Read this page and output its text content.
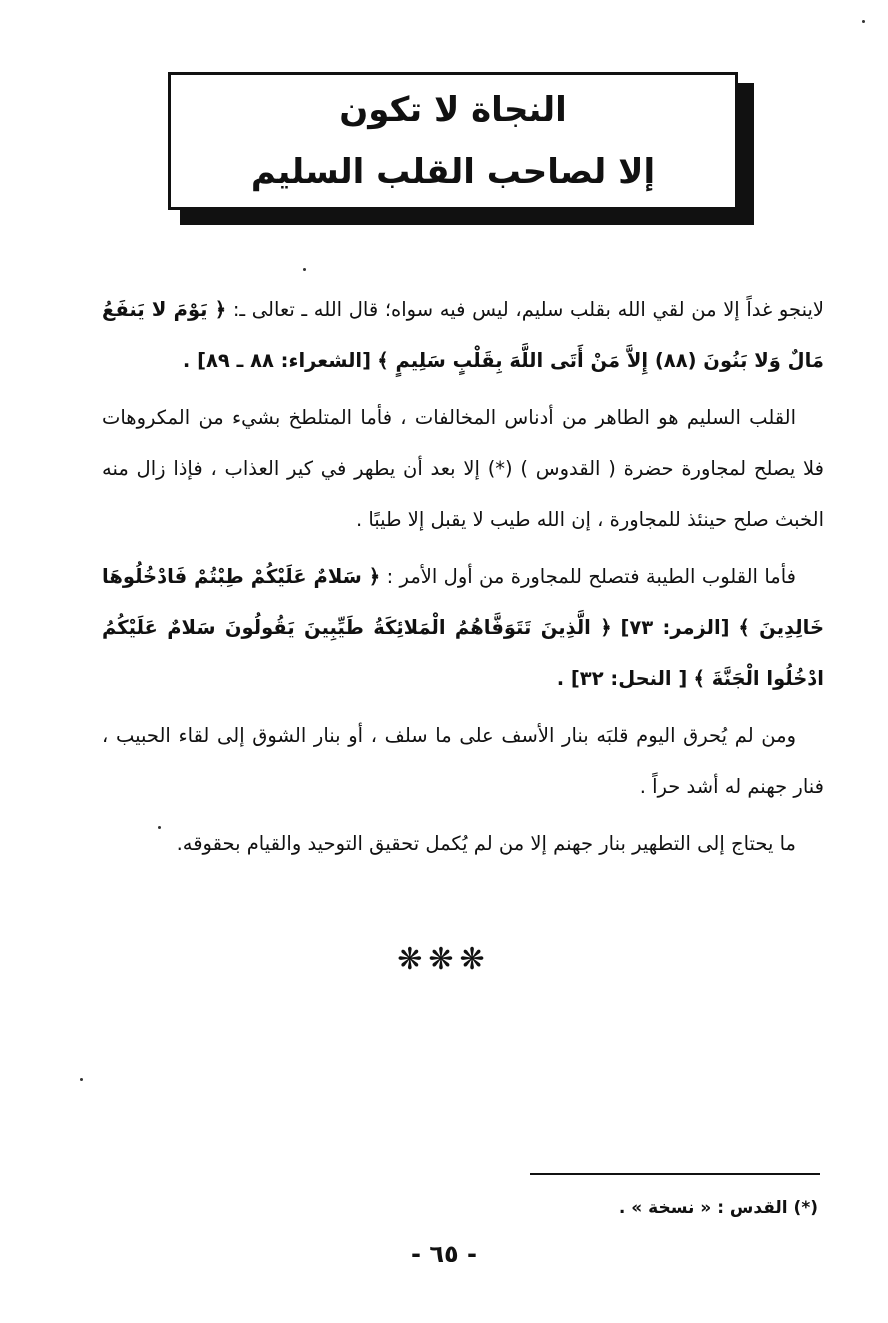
النجاة لا تكون
إلا لصاحب القلب السليم

لاينجو غداً إلا من لقي الله بقلب سليم، ليس فيه سواه؛ قال الله ـ تعالى ـ: ﴿ يَوْمَ لا يَنفَعُ مَالٌ وَلا بَنُونَ (٨٨) إِلاَّ مَنْ أَتَى اللَّهَ بِقَلْبٍ سَلِيمٍ ﴾ [الشعراء: ٨٨ ـ ٨٩] .

القلب السليم هو الطاهر من أدناس المخالفات ، فأما المتلطخ بشيء من المكروهات فلا يصلح لمجاورة حضرة ( القدوس ) (*) إلا بعد أن يطهر في كير العذاب ، فإذا زال منه الخبث صلح حينئذ للمجاورة ، إن الله طيب لا يقبل إلا طيبًا .

فأما القلوب الطيبة فتصلح للمجاورة من أول الأمر : ﴿ سَلامٌ عَلَيْكُمْ طِبْتُمْ فَادْخُلُوهَا خَالِدِينَ ﴾ [الزمر: ٧٣] ﴿ الَّذِينَ تَتَوَفَّاهُمُ الْمَلائِكَةُ طَيِّبِينَ يَقُولُونَ سَلامٌ عَلَيْكُمُ ادْخُلُوا الْجَنَّةَ ﴾ [ النحل: ٣٢] .

ومن لم يُحرق اليوم قلبَه بنار الأسف على ما سلف ، أو بنار الشوق إلى لقاء الحبيب ، فنار جهنم له أشد حراً .

ما يحتاج إلى التطهير بنار جهنم إلا من لم يُكمل تحقيق التوحيد والقيام بحقوقه.

❋❋❋
(*) القدس : « نسخة » .
- ٦٥ -
